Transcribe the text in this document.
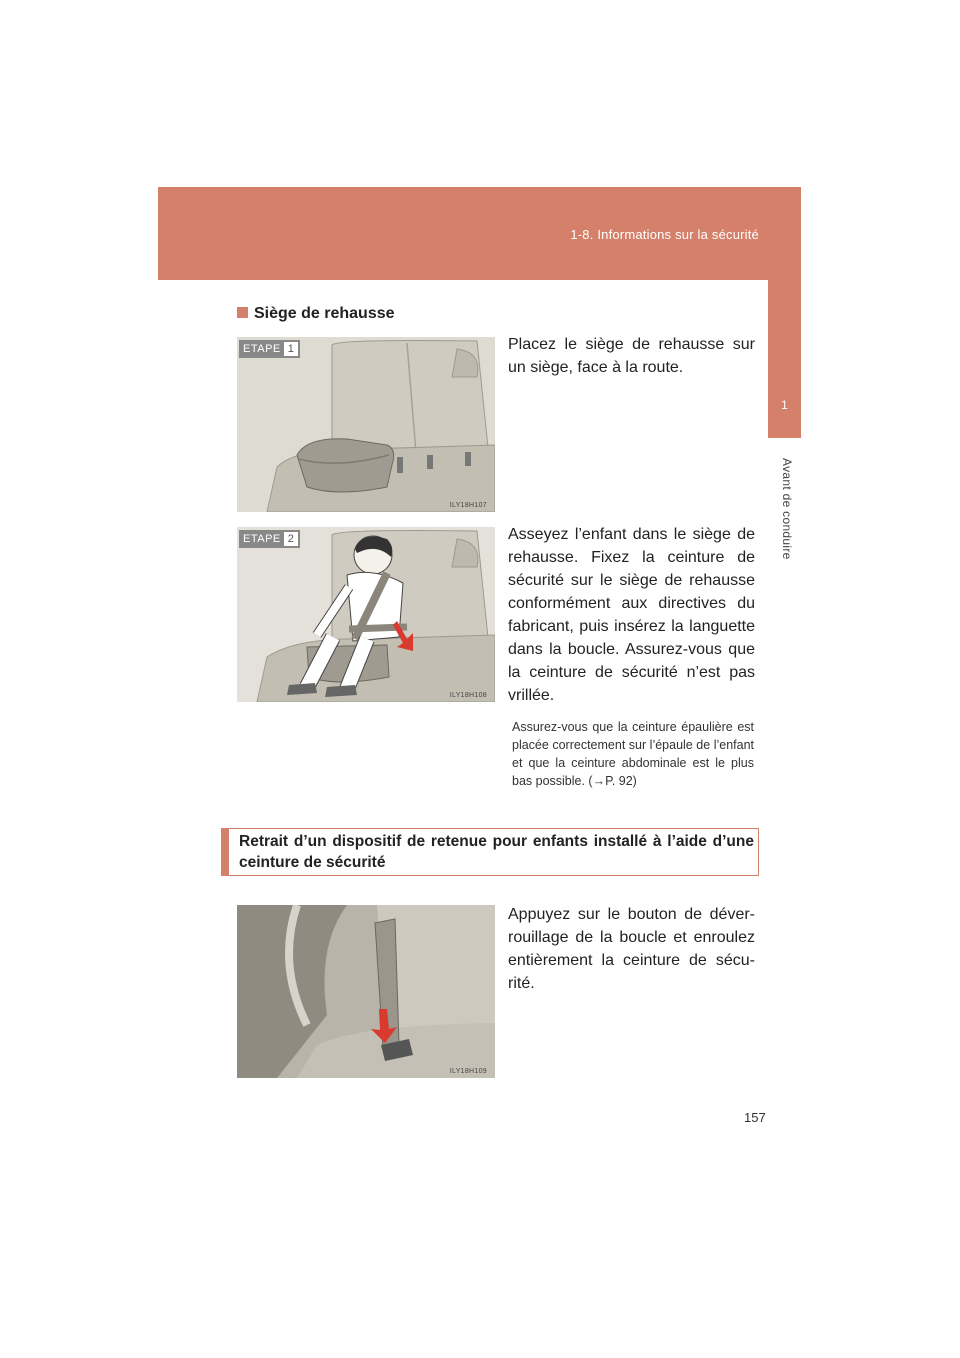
1-8. Informations sur la sécurité
1
Avant de conduire
Siège de rehausse
ETAPE 1
ILY18H107
Placez le siège de rehausse sur un siège, face à la route.
ETAPE 2
ILY18H108
Asseyez l’enfant dans le siège de rehausse. Fixez la ceinture de sécurité sur le siège de rehausse conformément aux directives du fabricant, puis insérez la languette dans la boucle. Assurez-vous que la ceinture de sécurité n’est pas vrillée.
Assurez-vous que la ceinture épaulière est placée correctement sur l’épaule de l’enfant et que la ceinture abdominale est le plus bas possible. (→P. 92)
Retrait d’un dispositif de retenue pour enfants installé à l’aide d’une ceinture de sécurité
ILY18H109
Appuyez sur le bouton de déver-rouillage de la boucle et enroulez entièrement la ceinture de sécu-rité.
157
